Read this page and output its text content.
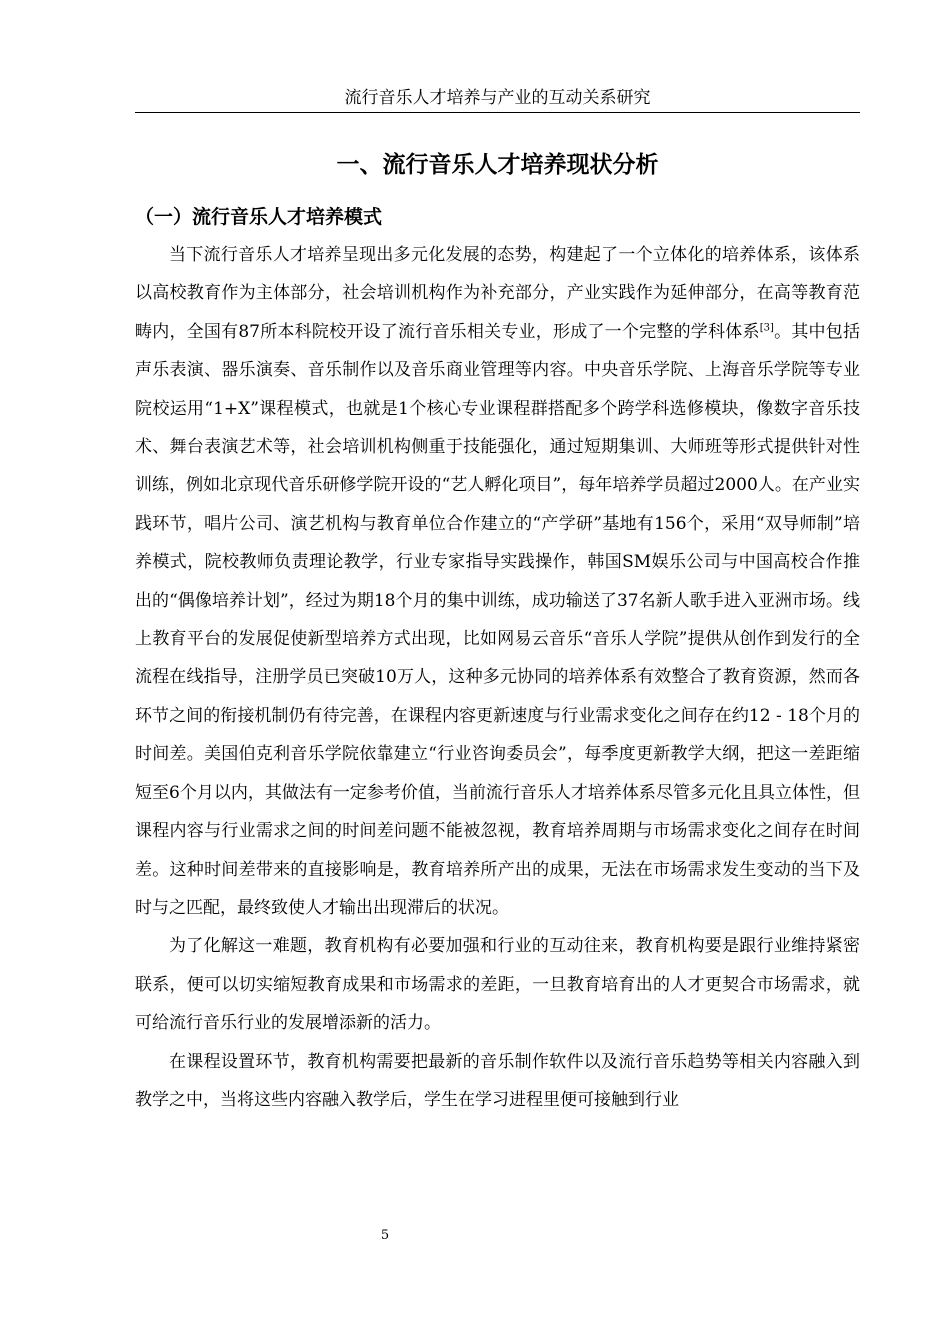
流行音乐人才培养与产业的互动关系研究
一、流行音乐人才培养现状分析
（一）流行音乐人才培养模式

当下流行音乐人才培养呈现出多元化发展的态势，构建起了一个立体化的培养体系，该体系以高校教育作为主体部分，社会培训机构作为补充部分，产业实践作为延伸部分，在高等教育范畴内，全国有87所本科院校开设了流行音乐相关专业，形成了一个完整的学科体系[3]。其中包括声乐表演、器乐演奏、音乐制作以及音乐商业管理等内容。中央音乐学院、上海音乐学院等专业院校运用“1+X”课程模式，也就是1个核心专业课程群搭配多个跨学科选修模块，像数字音乐技术、舞台表演艺术等，社会培训机构侧重于技能强化，通过短期集训、大师班等形式提供针对性训练，例如北京现代音乐研修学院开设的“艺人孵化项目”，每年培养学员超过2000人。在产业实践环节，唱片公司、演艺机构与教育单位合作建立的“产学研”基地有156个，采用“双导师制”培养模式，院校教师负责理论教学，行业专家指导实践操作，韩国SM娱乐公司与中国高校合作推出的“偶像培养计划”，经过为期18个月的集中训练，成功输送了37名新人歌手进入亚洲市场。线上教育平台的发展促使新型培养方式出现，比如网易云音乐“音乐人学院”提供从创作到发行的全流程在线指导，注册学员已突破10万人，这种多元协同的培养体系有效整合了教育资源，然而各环节之间的衔接机制仍有待完善，在课程内容更新速度与行业需求变化之间存在约12 - 18个月的时间差。美国伯克利音乐学院依靠建立“行业咨询委员会”，每季度更新教学大纲，把这一差距缩短至6个月以内，其做法有一定参考价值，当前流行音乐人才培养体系尽管多元化且具立体性，但课程内容与行业需求之间的时间差问题不能被忽视，教育培养周期与市场需求变化之间存在时间差。这种时间差带来的直接影响是，教育培养所产出的成果，无法在市场需求发生变动的当下及时与之匹配，最终致使人才输出出现滞后的状况。

为了化解这一难题，教育机构有必要加强和行业的互动往来，教育机构要是跟行业维持紧密联系，便可以切实缩短教育成果和市场需求的差距，一旦教育培育出的人才更契合市场需求，就可给流行音乐行业的发展增添新的活力。

在课程设置环节，教育机构需要把最新的音乐制作软件以及流行音乐趋势等相关内容融入到教学之中，当将这些内容融入教学后，学生在学习进程里便可接触到行业

5
